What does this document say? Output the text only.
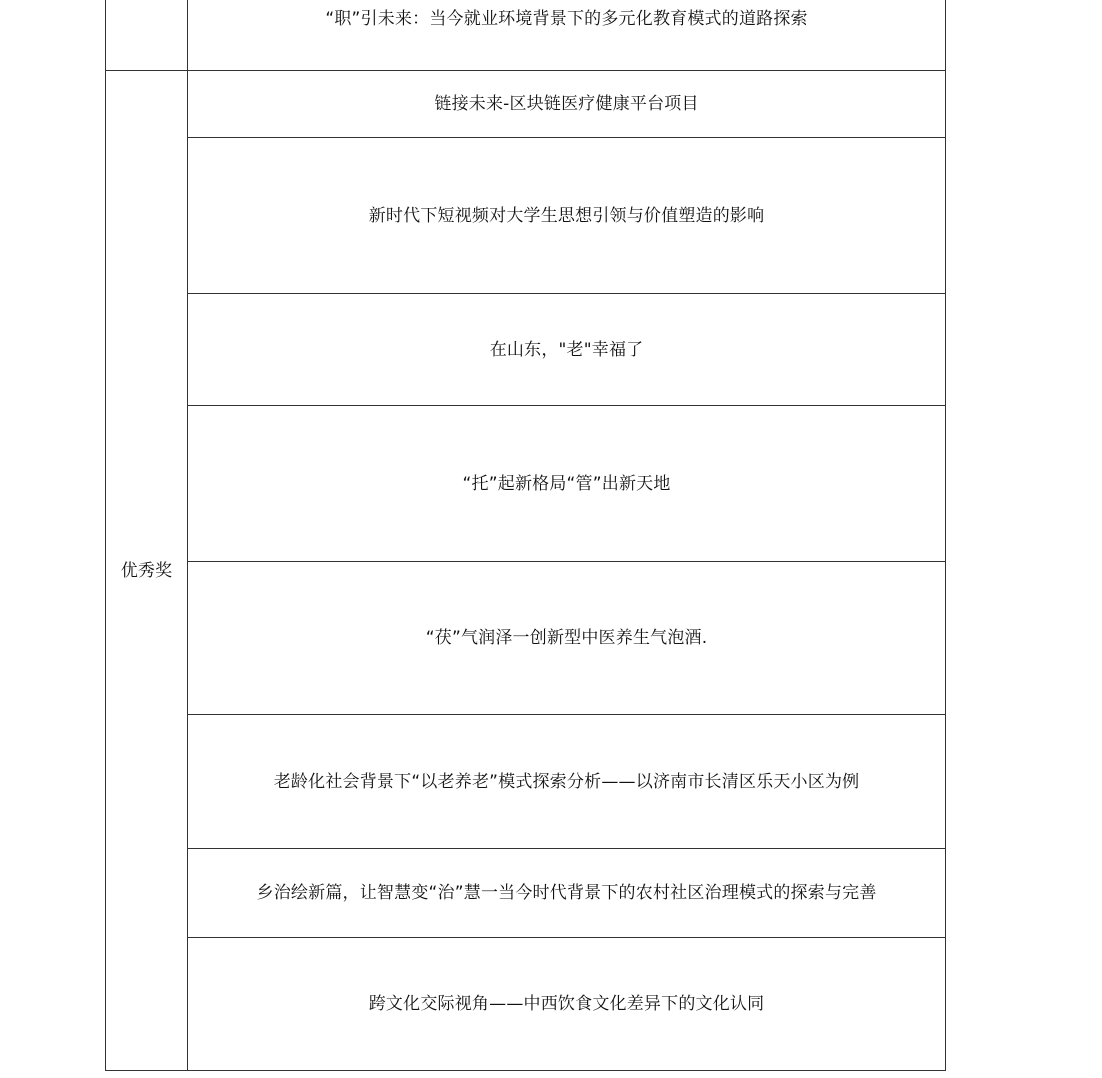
	“职”引未来：当今就业环境背景下的多元化教育模式的道路探索
优秀奖	链接未来-区块链医疗健康平台项目
	新时代下短视频对大学生思想引领与价值塑造的影响
	在山东，"老"幸福了
	“托”起新格局“管”出新天地
	“茯”气润泽一创新型中医养生气泡酒.
	老龄化社会背景下“以老养老”模式探索分析——以济南市长清区乐天小区为例
	乡治绘新篇，让智慧变“治”慧一当今时代背景下的农村社区治理模式的探索与完善
	跨文化交际视角——中西饮食文化差异下的文化认同
